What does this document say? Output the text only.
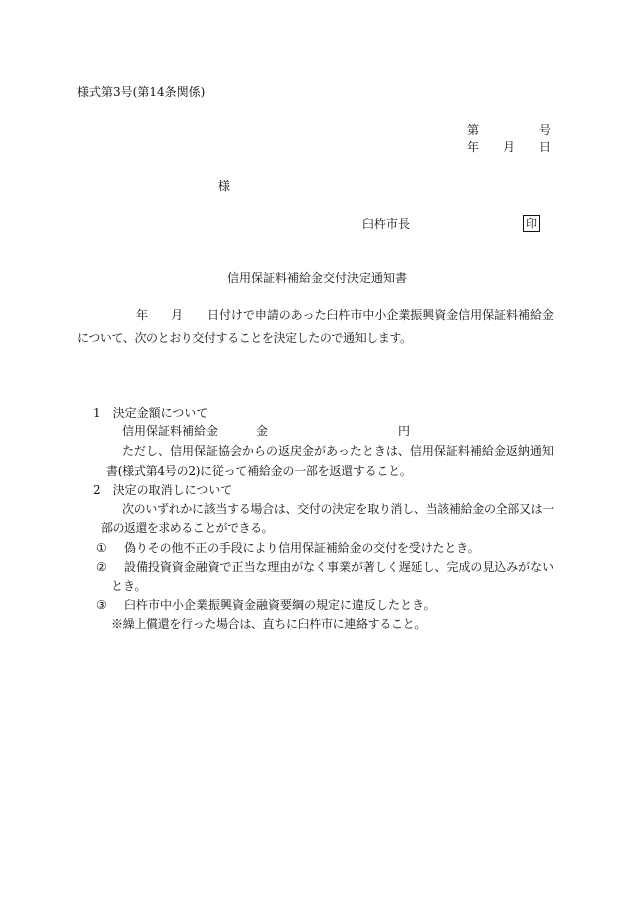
様式第3号(第14条関係)
第	号
年 月 日
様
臼杵市長	印
信用保証料補給金交付決定通知書
年 月 日付けで申請のあった臼杵市中小企業振興資金信用保証料補給金
について、次のとおり交付することを決定したので通知します。
1　決定金額について
信用保証料補給金	金	円
ただし、信用保証協会からの返戻金があったときは、信用保証料補給金返納通知
書(様式第4号の2)に従って補給金の一部を返還すること。
2　決定の取消しについて
次のいずれかに該当する場合は、交付の決定を取り消し、当該補給金の全部又は一
部の返還を求めることができる。
① 偽りその他不正の手段により信用保証補給金の交付を受けたとき。
② 設備投資資金融資で正当な理由がなく事業が著しく遅延し、完成の見込みがない
とき。
③ 臼杵市中小企業振興資金融資要綱の規定に違反したとき。
※繰上償還を行った場合は、直ちに臼杵市に連絡すること。
